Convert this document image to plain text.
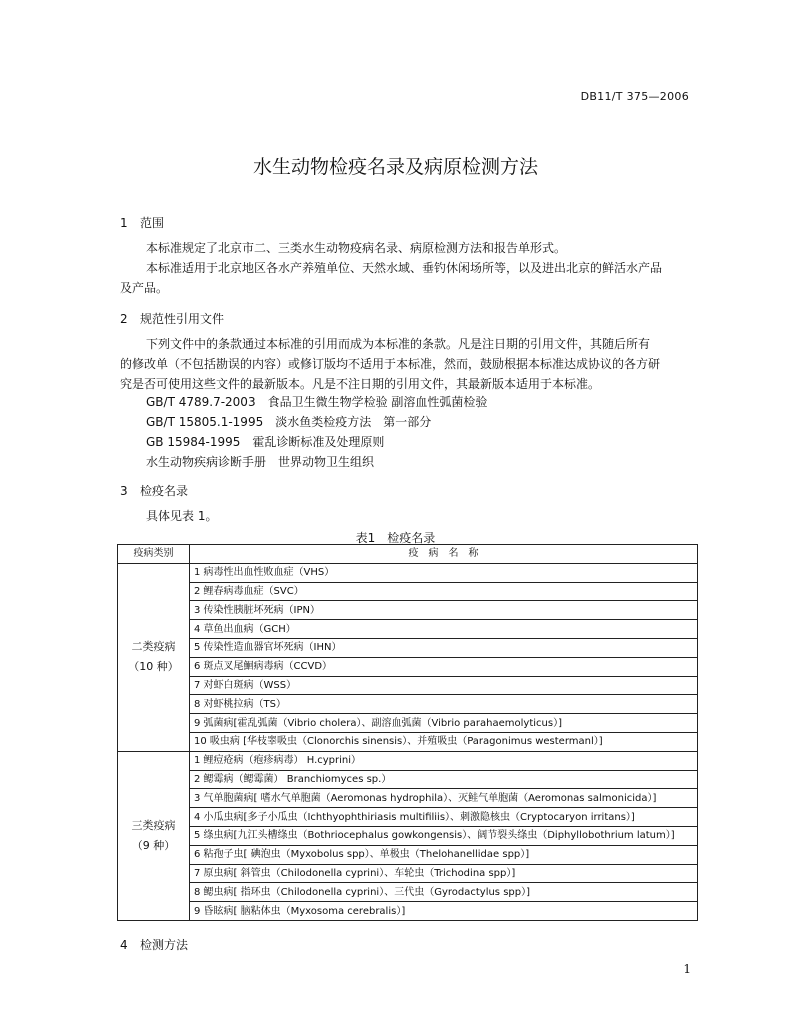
DB11/T 375—2006
水生动物检疫名录及病原检测方法
1 范围
本标准规定了北京市二、三类水生动物疫病名录、病原检测方法和报告单形式。
本标准适用于北京地区各水产养殖单位、天然水域、垂钓休闲场所等，以及进出北京的鲜活水产品
及产品。
2 规范性引用文件
下列文件中的条款通过本标准的引用而成为本标准的条款。凡是注日期的引用文件，其随后所有
的修改单（不包括勘误的内容）或修订版均不适用于本标准，然而，鼓励根据本标准达成协议的各方研
究是否可使用这些文件的最新版本。凡是不注日期的引用文件，其最新版本适用于本标准。
GB/T 4789.7-2003　食品卫生微生物学检验 副溶血性弧菌检验
GB/T 15805.1-1995　淡水鱼类检疫方法　第一部分
GB 15984-1995　霍乱诊断标准及处理原则
水生动物疾病诊断手册　世界动物卫生组织
3 检疫名录
具体见表 1。
表1　检疫名录
疫病类别	疫　病　名　称

二类疫病
（10 种）	1 病毒性出血性败血症（VHS）
	2 鲤春病毒血症（SVC）
	3 传染性胰脏坏死病（IPN）
	4 草鱼出血病（GCH）
	5 传染性造血器官坏死病（IHN）
	6 斑点叉尾鮰病毒病（CCVD）
	7 对虾白斑病（WSS）
	8 对虾桃拉病（TS）
	9 弧菌病[霍乱弧菌（Vibrio cholera）、副溶血弧菌（Vibrio parahaemolyticus）]
	10 吸虫病 [华枝睾吸虫（Clonorchis sinensis）、并殖吸虫（Paragonimus westermanl）]

三类疫病
（9 种）	1 鲤痘疮病（疱疹病毒） H.cyprini）
	2 鳃霉病（鳃霉菌） Branchiomyces sp.）
	3 气单胞菌病[ 嗜水气单胞菌（Aeromonas hydrophila）、灭鲑气单胞菌（Aeromonas salmonicida）]
	4 小瓜虫病[多子小瓜虫（Ichthyophthiriasis multifiliis）、刺激隐核虫（Cryptocaryon irritans）]
	5 绦虫病[九江头槽绦虫（Bothriocephalus gowkongensis）、阔节裂头绦虫（Diphyllobothrium latum）]
	6 粘孢子虫[ 碘泡虫（Myxobolus spp）、单极虫（Thelohanellidae spp）]
	7 原虫病[ 斜管虫（Chilodonella cyprini）、车轮虫（Trichodina spp）]
	8 鳃虫病[ 指环虫（Chilodonella cyprini）、三代虫（Gyrodactylus spp）]
	9 昏眩病[ 脑粘体虫（Myxosoma cerebralis）]
4 检测方法
1
